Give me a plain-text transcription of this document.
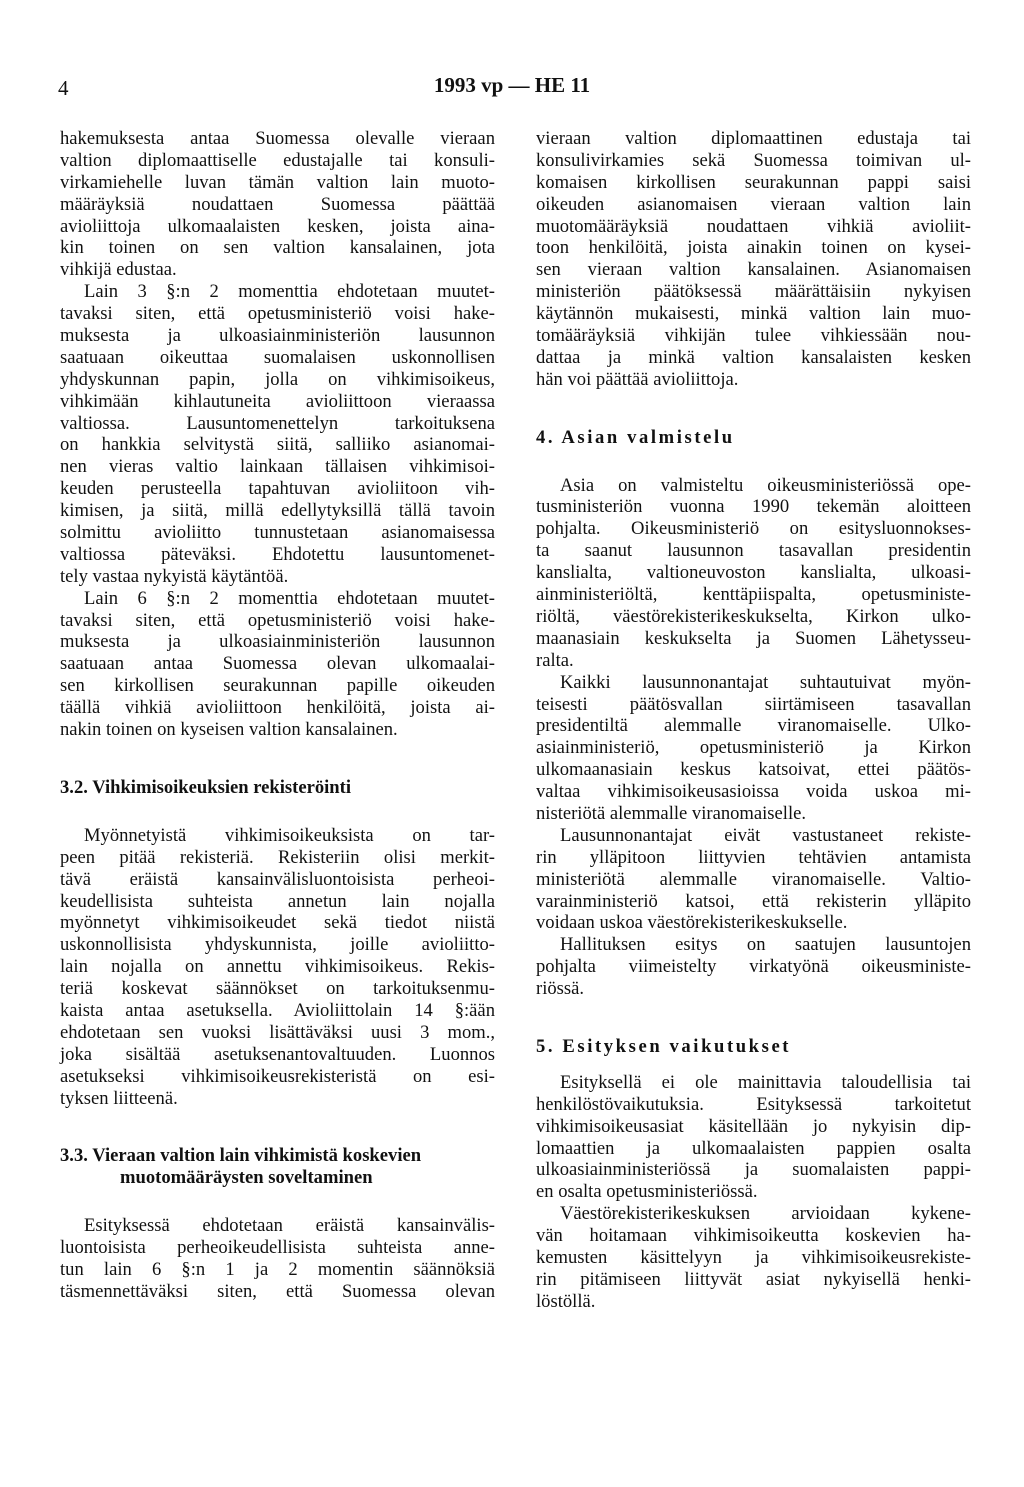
4	1993 vp — HE 11
hakemuksesta antaa Suomessa olevalle vieraan
valtion diplomaattiselle edustajalle tai konsuli-
virkamiehelle luvan tämän valtion lain muoto-
määräyksiä noudattaen Suomessa päättää
avioliittoja ulkomaalaisten kesken, joista aina-
kin toinen on sen valtion kansalainen, jota
vihkijä edustaa.
Lain 3 §:n 2 momenttia ehdotetaan muutet-
tavaksi siten, että opetusministeriö voisi hake-
muksesta ja ulkoasiainministeriön lausunnon
saatuaan oikeuttaa suomalaisen uskonnollisen
yhdyskunnan papin, jolla on vihkimisoikeus,
vihkimään kihlautuneita avioliittoon vieraassa
valtiossa. Lausuntomenettelyn tarkoituksena
on hankkia selvitystä siitä, salliiko asianomai-
nen vieras valtio lainkaan tällaisen vihkimisoi-
keuden perusteella tapahtuvan avioliitoon vih-
kimisen, ja siitä, millä edellytyksillä tällä tavoin
solmittu avioliitto tunnustetaan asianomaisessa
valtiossa päteväksi. Ehdotettu lausuntomenet-
tely vastaa nykyistä käytäntöä.
Lain 6 §:n 2 momenttia ehdotetaan muutet-
tavaksi siten, että opetusministeriö voisi hake-
muksesta ja ulkoasiainministeriön lausunnon
saatuaan antaa Suomessa olevan ulkomaalai-
sen kirkollisen seurakunnan papille oikeuden
täällä vihkiä avioliittoon henkilöitä, joista ai-
nakin toinen on kyseisen valtion kansalainen.
3.2. Vihkimisoikeuksien rekisteröinti
Myönnetyistä vihkimisoikeuksista on tar-
peen pitää rekisteriä. Rekisteriin olisi merkit-
tävä eräistä kansainvälisluontoisista perheoi-
keudellisista suhteista annetun lain nojalla
myönnetyt vihkimisoikeudet sekä tiedot niistä
uskonnollisista yhdyskunnista, joille avioliitto-
lain nojalla on annettu vihkimisoikeus. Rekis-
teriä koskevat säännökset on tarkoituksenmu-
kaista antaa asetuksella. Avioliittolain 14 §:ään
ehdotetaan sen vuoksi lisättäväksi uusi 3 mom.,
joka sisältää asetuksenantovaltuuden. Luonnos
asetukseksi vihkimisoikeusrekisteristä on esi-
tyksen liitteenä.
3.3. Vieraan valtion lain vihkimistä koskevien
muotomääräysten soveltaminen
Esityksessä ehdotetaan eräistä kansainvälis-
luontoisista perheoikeudellisista suhteista anne-
tun lain 6 §:n 1 ja 2 momentin säännöksiä
täsmennettäväksi siten, että Suomessa olevan
vieraan valtion diplomaattinen edustaja tai
konsulivirkamies sekä Suomessa toimivan ul-
komaisen kirkollisen seurakunnan pappi saisi
oikeuden asianomaisen vieraan valtion lain
muotomääräyksiä noudattaen vihkiä avioliit-
toon henkilöitä, joista ainakin toinen on kysei-
sen vieraan valtion kansalainen. Asianomaisen
ministeriön päätöksessä määrättäisiin nykyisen
käytännön mukaisesti, minkä valtion lain muo-
tomääräyksiä vihkijän tulee vihkiessään nou-
dattaa ja minkä valtion kansalaisten kesken
hän voi päättää avioliittoja.
4. Asian valmistelu
Asia on valmisteltu oikeusministeriössä ope-
tusministeriön vuonna 1990 tekemän aloitteen
pohjalta. Oikeusministeriö on esitysluonnokses-
ta saanut lausunnon tasavallan presidentin
kanslialta, valtioneuvoston kanslialta, ulkoasi-
ainministeriöltä, kenttäpiispalta, opetusministe-
riöltä, väestörekisterikeskukselta, Kirkon ulko-
maanasiain keskukselta ja Suomen Lähetysseu-
ralta.
Kaikki lausunnonantajat suhtautuivat myön-
teisesti päätösvallan siirtämiseen tasavallan
presidentiltä alemmalle viranomaiselle. Ulko-
asiainministeriö, opetusministeriö ja Kirkon
ulkomaanasiain keskus katsoivat, ettei päätös-
valtaa vihkimisoikeusasioissa voida uskoa mi-
nisteriötä alemmalle viranomaiselle.
Lausunnonantajat eivät vastustaneet rekiste-
rin ylläpitoon liittyvien tehtävien antamista
ministeriötä alemmalle viranomaiselle. Valtio-
varainministeriö katsoi, että rekisterin ylläpito
voidaan uskoa väestörekisterikeskukselle.
Hallituksen esitys on saatujen lausuntojen
pohjalta viimeistelty virkatyönä oikeusministe-
riössä.
5. Esityksen vaikutukset
Esityksellä ei ole mainittavia taloudellisia tai
henkilöstövaikutuksia. Esityksessä tarkoitetut
vihkimisoikeusasiat käsitellään jo nykyisin dip-
lomaattien ja ulkomaalaisten pappien osalta
ulkoasiainministeriössä ja suomalaisten pappi-
en osalta opetusministeriössä.
Väestörekisterikeskuksen arvioidaan kykene-
vän hoitamaan vihkimisoikeutta koskevien ha-
kemusten käsittelyyn ja vihkimisoikeusrekiste-
rin pitämiseen liittyvät asiat nykyisellä henki-
löstöllä.
